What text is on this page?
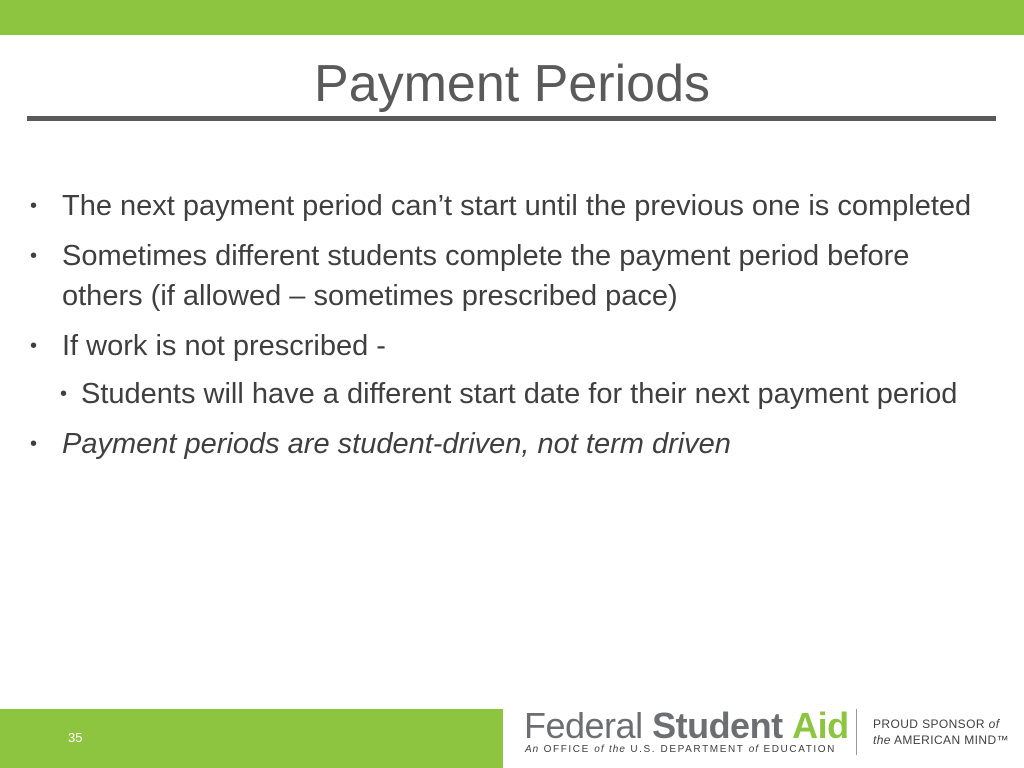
Payment Periods
• The next payment period can’t start until the previous one is completed
• Sometimes different students complete the payment period before others (if allowed – sometimes prescribed pace)
• If work is not prescribed -
• Students will have a different start date for their next payment period
• Payment periods are student-driven, not term driven
35	Federal Student Aid
An OFFICE of the U.S. DEPARTMENT of EDUCATION
PROUD SPONSOR of
the AMERICAN MIND™
